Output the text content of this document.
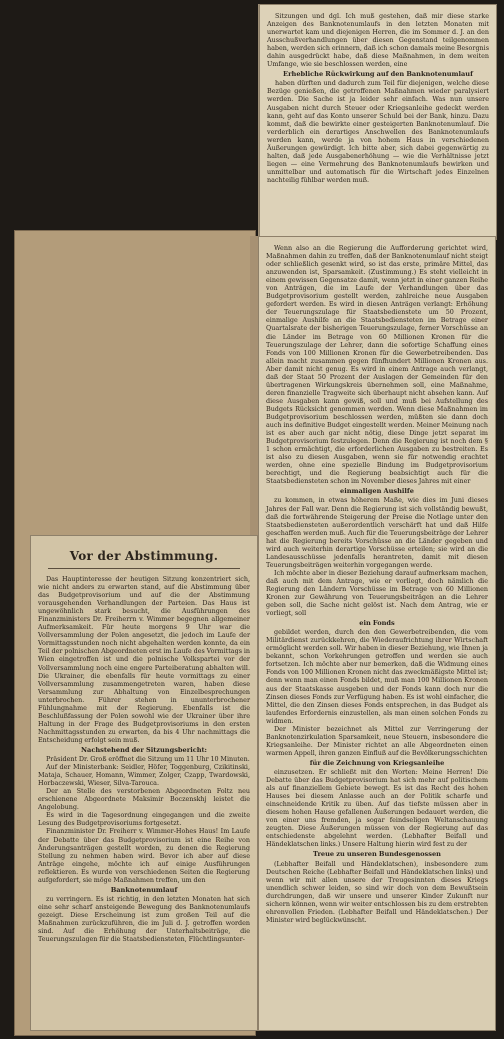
Sitzungen und dgl. Ich muß gestehen, daß mir diese starke Anzeigen des Banknotenumlaufs in den letzten Monaten mit unerwartet kam und diejenigen Herren, die im Sommer d. J. an den Ausschußverhandlungen über diesen Gegenstand teilgenommen haben, werden sich erinnern, daß ich schon damals meine Besorgnis dahin ausgedrückt habe, daß diese Maßnahmen, in dem weiten Umfange, wie sie beschlossen werden, eine

Erhebliche Rückwirkung auf den Banknotenumlauf

haben dürften und dadurch zum Teil für diejenigen, welche diese Bezüge genießen, die getroffenen Maßnahmen wieder paralysiert werden. Die Sache ist ja leider sehr einfach. Was nun unsere Ausgaben nicht durch Steuer oder Kriegsanleihe gedeckt werden kann, geht auf das Konto unserer Schuld bei der Bank, hinzu. Dazu kommt, daß die bewirkte einer gesteigerten Banknotenumlauf. Die verderblich ein derartiges Anschwellen des Banknotenumlaufs werden kann, werde ja von hohem Haus in verschiedenen Äußerungen gewürdigt. Ich bitte aber, sich dabei gegenwärtig zu halten, daß jede Ausgabenerhöhung — wie die Verhältnisse jetzt liegen — eine Vermehrung des Banknotenumlaufs bewirken und unmittelbar und automatisch für die Wirtschaft jedes Einzelnen nachteilig fühlbar werden muß.

Wenn also an die Regierung die Aufforderung gerichtet wird, Maßnahmen dahin zu treffen, daß der Banknotenumlauf nicht steigt oder schließlich gesenkt wird, so ist das erste, primäre Mittel, das anzuwenden ist, Sparsamkeit. (Zustimmung.) Es steht vielleicht in einem gewissen Gegensatze damit, wenn jetzt in einer ganzen Reihe von Anträgen, die im Laufe der Verhandlungen über das Budgetprovisorium gestellt werden, zahlreiche neue Ausgaben gefordert werden. Es wird in diesen Anträgen verlangt: Erhöhung der Teuerungszulage für Staatsbedienstete um 50 Prozent, einmalige Aushilfe an die Staatsbediensteten im Betrage einer Quartalsrate der bisherigen Teuerungszulage, ferner Vorschüsse an die Länder im Betrage von 60 Millionen Kronen für die Teuerungszulage der Lehrer, dann die sofortige Schaffung eines Fonds von 100 Millionen Kronen für die Gewerbetreibenden. Das allein macht zusammen gegen fünfhundert Millionen Kronen aus. Aber damit nicht genug. Es wird in einem Antrage auch verlangt, daß der Staat 50 Prozent der Auslagen der Gemeinden für den übertragenen Wirkungskreis übernehmen soll, eine Maßnahme, deren finanzielle Tragweite sich überhaupt nicht absehen kann. Auf diese Ausgaben kann gewiß, soll und muß bei Aufstellung des Budgets Rücksicht genommen werden. Wenn diese Maßnahmen im Budgetprovisorium beschlossen werden, müßten sie dann doch auch ins definitive Budget eingestellt werden. Meiner Meinung nach ist es aber auch gar nicht nötig, diese Dinge jetzt separat im Budgetprovisorium festzulegen. Denn die Regierung ist noch dem § 1 schon ermächtigt, die erforderlichen Ausgaben zu bestreiten. Es ist also zu diesen Ausgaben, wenn sie für notwendig erachtet werden, ohne eine spezielle Bindung im Budgetprovisorium berechtigt, und die Regierung beabsichtigt auch für die Staatsbediensteten schon im November dieses Jahres mit einer

einmaligen Aushilfe

zu kommen, in etwas höherem Maße, wie dies im Juni dieses Jahres der Fall war. Denn die Regierung ist sich vollständig bewußt, daß die fortwährende Steigerung der Preise die Notlage unter den Staatsbediensteten außerordentlich verschärft hat und daß Hilfe geschaffen werden muß. Auch für die Teuerungsbeiträge der Lehrer hat die Regierung bereits Vorschüsse an die Länder gegeben und wird auch weiterhin derartige Vorschüsse erteilen; sie wird an die Landesausschüsse jedenfalls herantreten, damit mit diesen Teuerungsbeiträgen weiterhin vorgegangen werde.

Ich möchte aber in dieser Beziehung darauf aufmerksam machen, daß auch mit dem Antrage, wie er vorliegt, doch nämlich die Regierung den Ländern Vorschüsse im Betrage von 60 Millionen Kronen zur Gewährung von Teuerungsbeiträgen an die Lehrer geben soll, die Sache nicht gelöst ist. Nach dem Antrag, wie er vorliegt, soll

ein Fonds

gebildet werden, durch den den Gewerbetreibenden, die vom Militärdienst zurückkehren, die Wiederaufrichtung ihrer Wirtschaft ermöglicht werden soll. Wir haben in dieser Beziehung, wie Ihnen ja bekannt, schon Vorkehrungen getroffen und werden sie auch fortsetzen. Ich möchte aber nur bemerken, daß die Widmung eines Fonds von 100 Millionen Kronen nicht das zweckmäßigste Mittel ist; denn wenn man einen Fonds bildet, muß man 100 Millionen Kronen aus der Staatskasse ausgeben und der Fonds kann doch nur die Zinsen dieses Fonds zur Verfügung haben. Es ist wohl einfacher, die Mittel, die den Zinsen dieses Fonds entsprechen, in das Budget als laufendes Erfordernis einzustellen, als man einen solchen Fonds zu widmen.

Der Minister bezeichnet als Mittel zur Verringerung der Banknotenzirkulation Sparsamkeit, neue Steuern, insbesondere die Kriegsanleihe. Der Minister richtet an alle Abgeordneten einen warmen Appell, ihren ganzen Einfluß auf die Bevölkerungsschichten

für die Zeichnung von Kriegsanleihe

einzusetzen. Er schließt mit den Worten: Meine Herren! Die Debatte über das Budgetprovisorium hat sich mehr auf politischem als auf finanziellem Gebiete bewegt. Es ist das Recht des hohen Hauses bei diesem Anlasse auch an der Politik scharfe und einschneidende Kritik zu üben. Auf das tiefste müssen aber in diesem hohen Hause gefallenen Äußerungen bedauert werden, die von einer uns fremden, ja sogar feindseligen Weltanschauung zeugten. Diese Äußerungen müssen von der Regierung auf das entschiedenste abgelehnt werden. (Lebhafter Beifall und Händeklatschen links.) Unsere Haltung hierin wird fest zu der

Treue zu unseren Bundesgenossen

(Lebhafter Beifall und Händeklatschen), insbesondere zum Deutschen Reiche (Lebhafter Beifall und Händeklatschen links) und wenn wir mit allen unsere der Treugesinnten dieses Kriegs unendlich schwer leiden, so sind wir doch von dem Bewußtsein durchdrungen, daß wir unsere und unserer Kinder Zukunft nur sichern können, wenn wir weiter entschlossen bis zu dem erstrebten ehrenvollen Frieden. (Lebhafter Beifall und Händeklatschen.) Der Minister wird beglückwünscht.

Vor der Abstimmung.

Das Hauptinteresse der heutigen Sitzung konzentriert sich, wie nicht anders zu erwarten stand, auf die Abstimmung über das Budgetprovisorium und auf die der Abstimmung vorausgehenden Verhandlungen der Parteien. Das Haus ist ungewöhnlich stark besucht, die Ausführungen des Finanzministers Dr. Freiherrn v. Wimmer begegnen allgemeiner Aufmerksamkeit. Für heute morgens 9 Uhr war die Vollversammlung der Polen angesetzt, die jedoch im Laufe der Vormittagsstunden noch nicht abgehalten werden konnte, da ein Teil der polnischen Abgeordneten erst im Laufe des Vormittags in Wien eingetroffen ist und die polnische Volkspartei vor der Vollversammlung noch eine engere Parteiberatung abhalten will. Die Ukrainer, die ebenfalls für heute vormittags zu einer Vollversammlung zusammengetreten waren, haben diese Versammlung zur Abhaltung von Einzelbesprechungen unterbrochen. Führer stehen in ununterbrochener Fühlungnahme mit der Regierung. Ebenfalls ist die Beschlußfassung der Polen sowohl wie der Ukrainer über ihre Haltung in der Frage des Budgetprovisoriums in den ersten Nachmittagsstunden zu erwarten, da bis 4 Uhr nachmittags die Entscheidung erfolgt sein muß.

Nachstehend der Sitzungsbericht:

Präsident Dr. Groß eröffnet die Sitzung um 11 Uhr 10 Minuten.

Auf der Ministerbank: Seidler, Höfer, Toggenburg, Czikitinski, Mataja, Schauer, Homann, Wimmer, Zolger, Czapp, Twardowski, Horbaczewski, Wieser, Silva-Tarouca.

Der an Stelle des verstorbenen Abgeordneten Foltz neu erschienene Abgeordnete Maksimir Boczenskhj leistet die Angelobung.

Es wird in die Tagesordnung eingegangen und die zweite Lesung des Budgetprovisoriums fortgesetzt.

Finanzminister Dr. Freiherr v. Wimmer-Hohes Haus! Im Laufe der Debatte über das Budgetprovisorium ist eine Reihe von Änderungsanträgen gestellt worden, zu denen die Regierung Stellung zu nehmen haben wird. Bevor ich aber auf diese Anträge eingehe, möchte ich auf einige Ausführungen reflektieren. Es wurde von verschiedenen Seiten die Regierung aufgefordert, sie möge Maßnahmen treffen, um den

Banknotenumlauf

zu verringern. Es ist richtig, in den letzten Monaten hat sich eine sehr scharf ansteigende Bewegung des Banknotenumlaufs gezeigt. Diese Erscheinung ist zum großen Teil auf die Maßnahmen zurückzuführen, die im Juli d. J. getroffen worden sind. Auf die Erhöhung der Unterhaltsbeiträge, die Teuerungszulagen für die Staatsbediensteten, Flüchtlingsunter-
